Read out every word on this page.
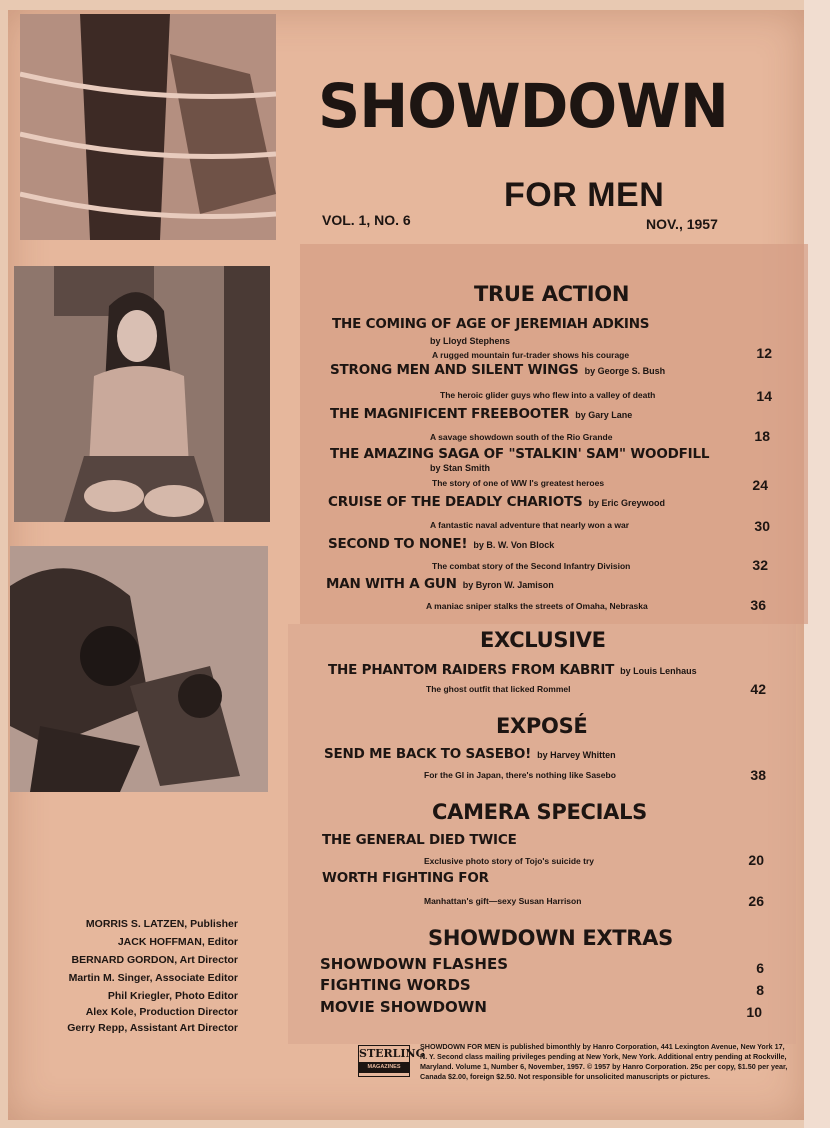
SHOWDOWN
FOR MEN
VOL. 1, NO. 6	NOV., 1957
TRUE ACTION
THE COMING OF AGE OF JEREMIAH ADKINS
by Lloyd Stephens
A rugged mountain fur-trader shows his courage	12
STRONG MEN AND SILENT WINGS by George S. Bush
The heroic glider guys who flew into a valley of death	14
THE MAGNIFICENT FREEBOOTER by Gary Lane
A savage showdown south of the Rio Grande	18
THE AMAZING SAGA OF "STALKIN' SAM" WOODFILL
by Stan Smith
The story of one of WW I's greatest heroes	24
CRUISE OF THE DEADLY CHARIOTS by Eric Greywood
A fantastic naval adventure that nearly won a war	30
SECOND TO NONE! by B. W. Von Block
The combat story of the Second Infantry Division	32
MAN WITH A GUN by Byron W. Jamison
A maniac sniper stalks the streets of Omaha, Nebraska	36
EXCLUSIVE
THE PHANTOM RAIDERS FROM KABRIT by Louis Lenhaus
The ghost outfit that licked Rommel	42
EXPOSÉ
SEND ME BACK TO SASEBO! by Harvey Whitten
For the GI in Japan, there's nothing like Sasebo	38
CAMERA SPECIALS
THE GENERAL DIED TWICE
Exclusive photo story of Tojo's suicide try	20
WORTH FIGHTING FOR
Manhattan's gift—sexy Susan Harrison	26
SHOWDOWN EXTRAS
SHOWDOWN FLASHES	6
FIGHTING WORDS	8
MOVIE SHOWDOWN	10
MORRIS S. LATZEN, Publisher
JACK HOFFMAN, Editor
BERNARD GORDON, Art Director
Martin M. Singer, Associate Editor
Phil Kriegler, Photo Editor
Alex Kole, Production Director
Gerry Repp, Assistant Art Director
STERLING
MAGAZINES
SHOWDOWN FOR MEN is published bimonthly by Hanro Corporation, 441 Lexington Avenue, New York 17, N. Y. Second class mailing privileges pending at New York, New York. Additional entry pending at Rockville, Maryland. Volume 1, Number 6, November, 1957. © 1957 by Hanro Corporation. 25c per copy, $1.50 per year, Canada $2.00, foreign $2.50. Not responsible for unsolicited manuscripts or pictures.
